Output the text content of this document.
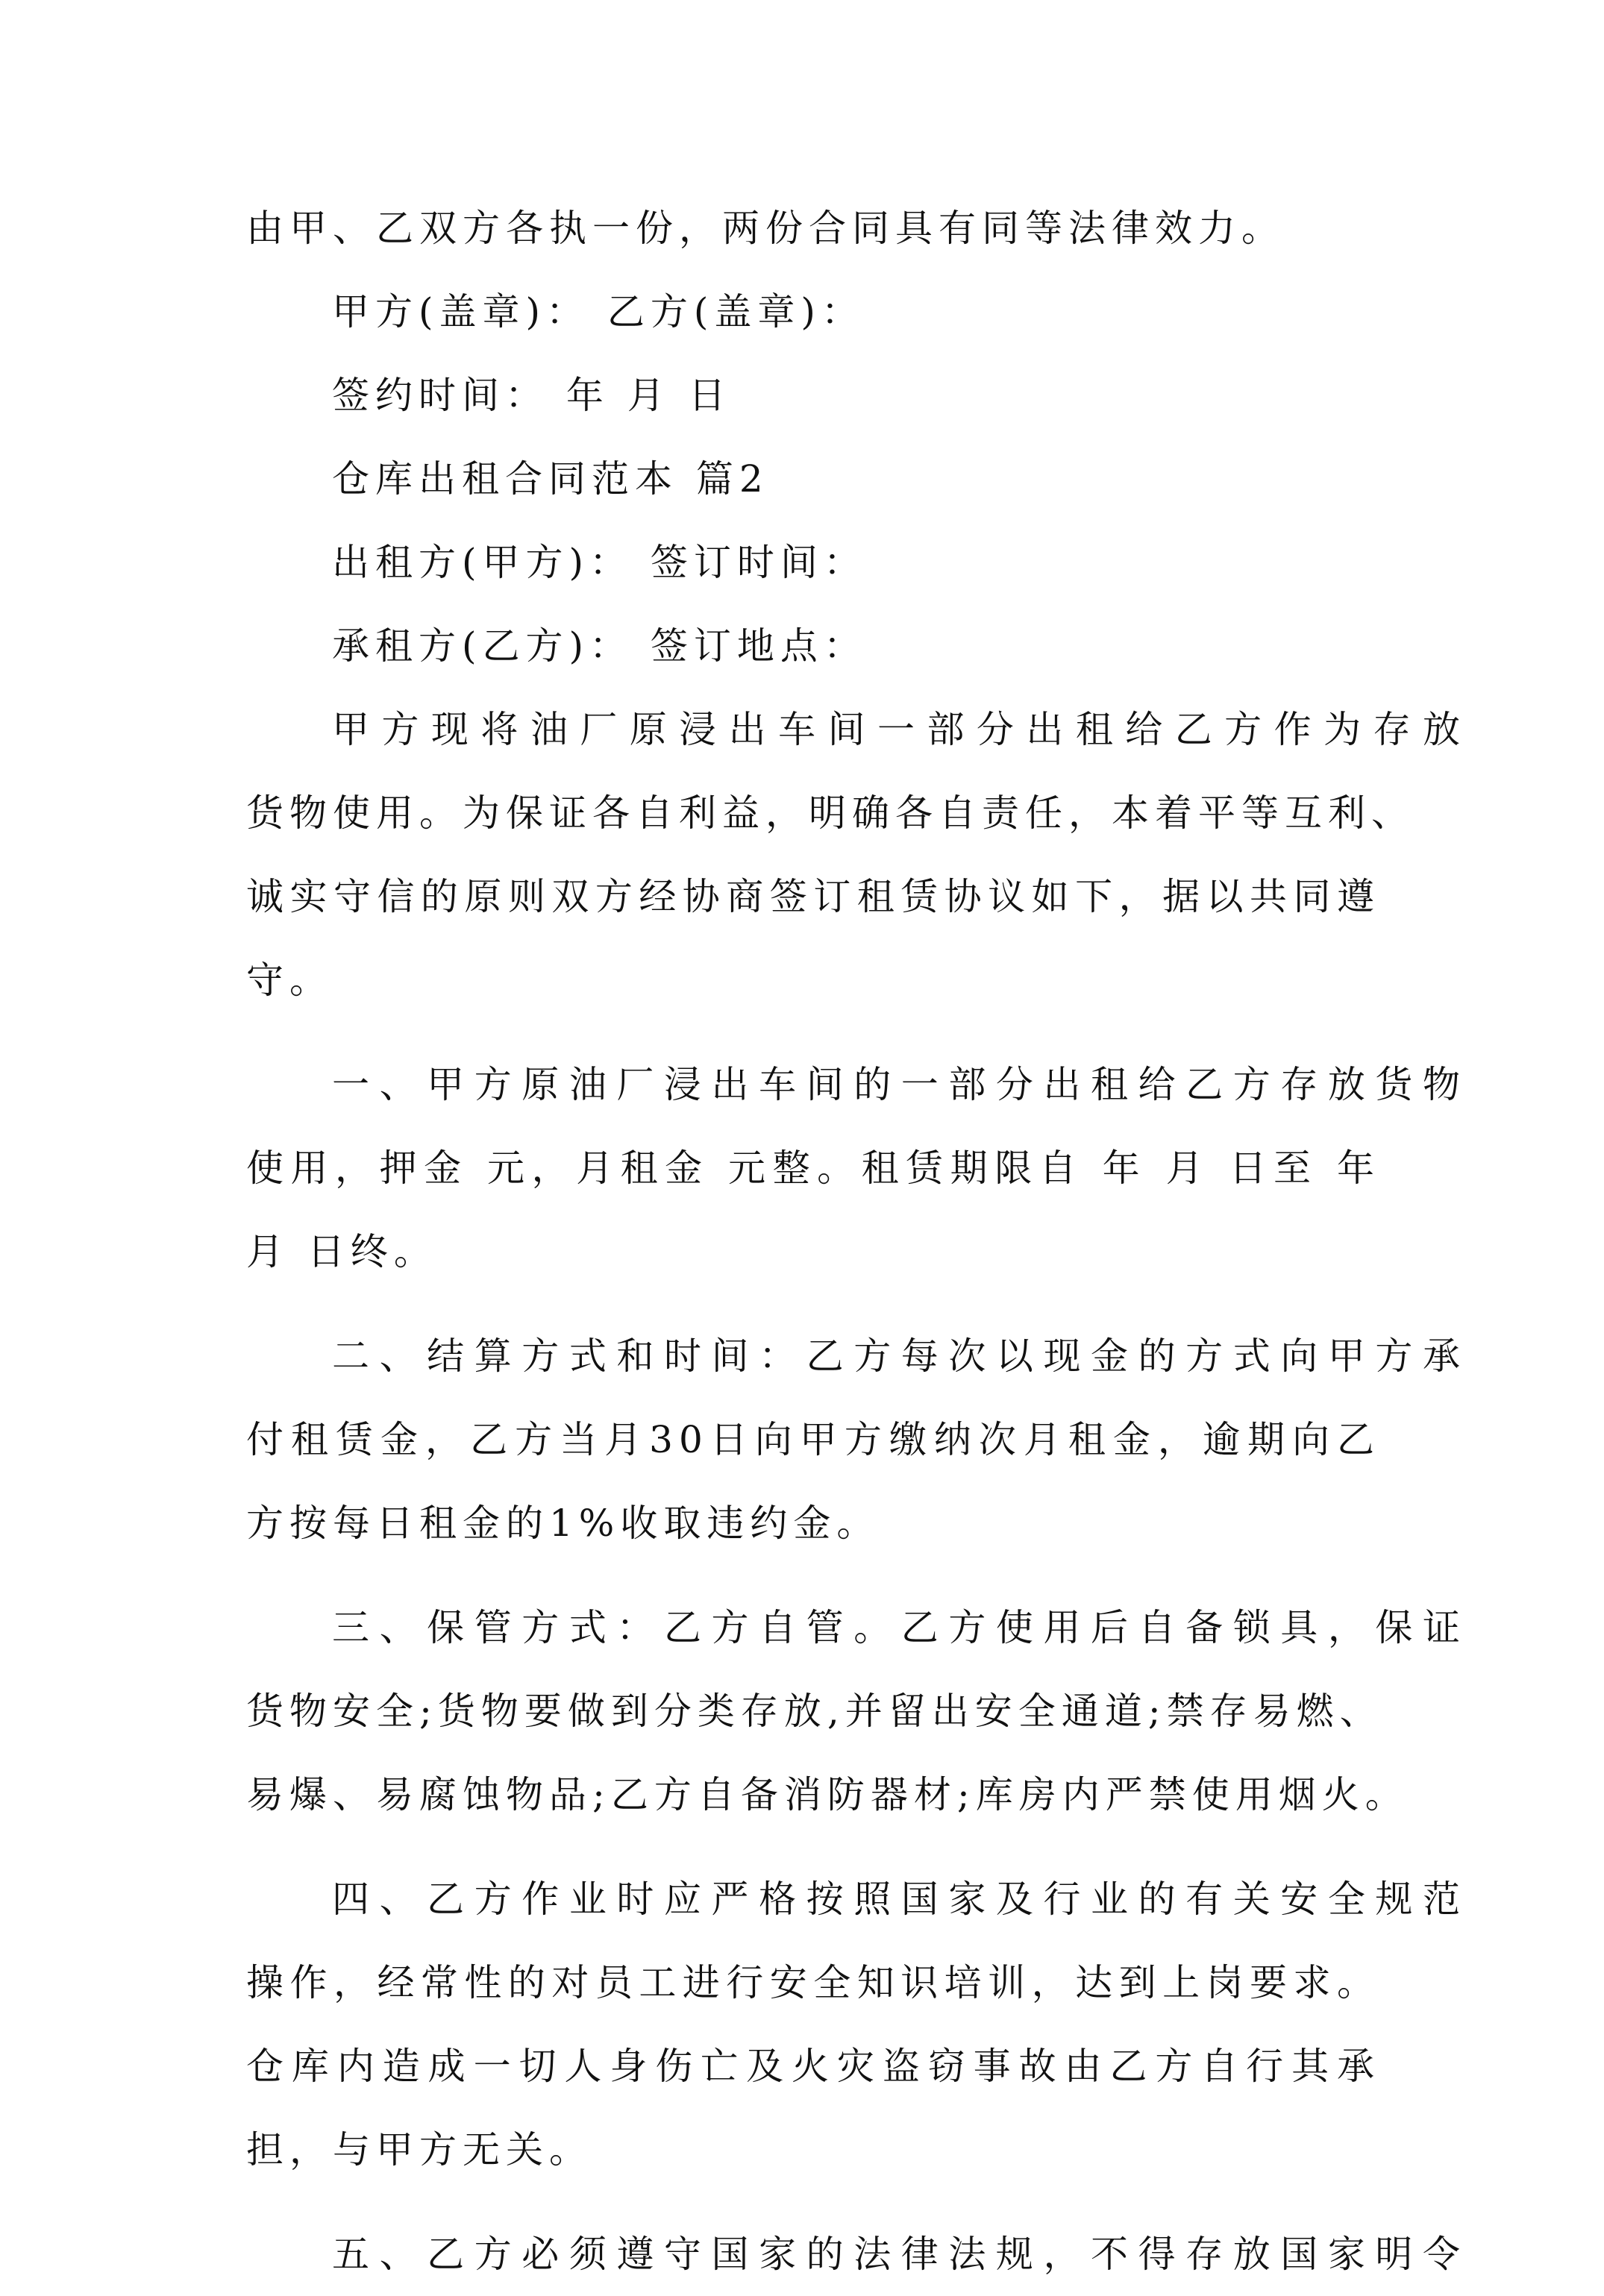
由甲、乙双方各执一份，两份合同具有同等法律效力。
甲方(盖章)： 乙方(盖章)：
签约时间： 年 月 日
仓库出租合同范本 篇2
出租方(甲方)： 签订时间：
承租方(乙方)： 签订地点：
甲方现将油厂原浸出车间一部分出租给乙方作为存放
货物使用。为保证各自利益，明确各自责任，本着平等互利、
诚实守信的原则双方经协商签订租赁协议如下，据以共同遵
守。
一、甲方原油厂浸出车间的一部分出租给乙方存放货物
使用，押金 元，月租金 元整。租赁期限自 年 月 日至 年
月 日终。
二、结算方式和时间：乙方每次以现金的方式向甲方承
付租赁金，乙方当月30日向甲方缴纳次月租金，逾期向乙
方按每日租金的1%收取违约金。
三、保管方式：乙方自管。乙方使用后自备锁具，保证
货物安全;货物要做到分类存放,并留出安全通道;禁存易燃、
易爆、易腐蚀物品;乙方自备消防器材;库房内严禁使用烟火。
四、乙方作业时应严格按照国家及行业的有关安全规范
操作，经常性的对员工进行安全知识培训，达到上岗要求。
仓库内造成一切人身伤亡及火灾盗窃事故由乙方自行其承
担，与甲方无关。
五、乙方必须遵守国家的法律法规，不得存放国家明令
